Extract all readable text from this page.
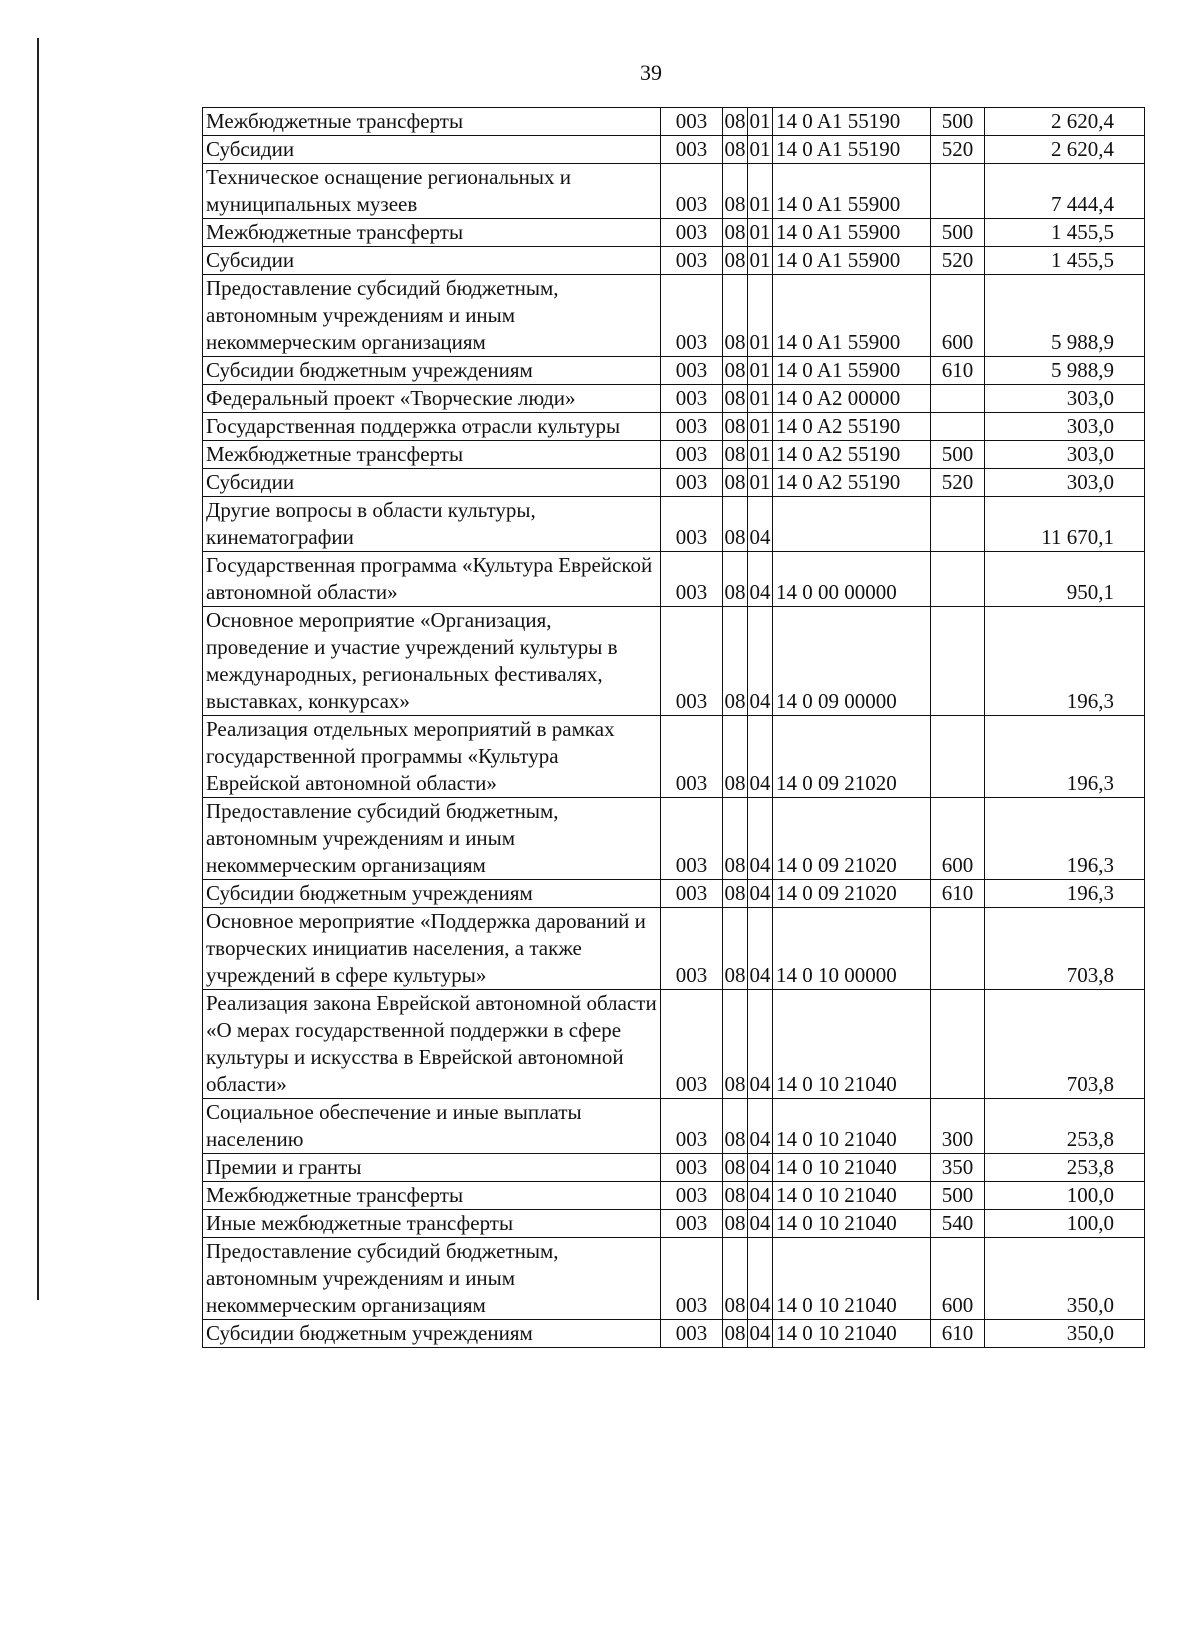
39
Межбюджетные трансферты	003	08	01	14 0 A1 55190	500	2 620,4
Субсидии	003	08	01	14 0 A1 55190	520	2 620,4
Техническое оснащение региональных и муниципальных музеев	003	08	01	14 0 A1 55900		7 444,4
Межбюджетные трансферты	003	08	01	14 0 A1 55900	500	1 455,5
Субсидии	003	08	01	14 0 A1 55900	520	1 455,5
Предоставление субсидий бюджетным, автономным учреждениям и иным некоммерческим организациям	003	08	01	14 0 A1 55900	600	5 988,9
Субсидии бюджетным учреждениям	003	08	01	14 0 A1 55900	610	5 988,9
Федеральный проект «Творческие люди»	003	08	01	14 0 A2 00000		303,0
Государственная поддержка отрасли культуры	003	08	01	14 0 A2 55190		303,0
Межбюджетные трансферты	003	08	01	14 0 A2 55190	500	303,0
Субсидии	003	08	01	14 0 A2 55190	520	303,0
Другие вопросы в области культуры, кинематографии	003	08	04			11 670,1
Государственная программа «Культура Еврейской автономной области»	003	08	04	14 0 00 00000		950,1
Основное мероприятие «Организация, проведение и участие учреждений культуры в международных, региональных фестивалях, выставках, конкурсах»	003	08	04	14 0 09 00000		196,3
Реализация отдельных мероприятий в рамках государственной программы «Культура Еврейской автономной области»	003	08	04	14 0 09 21020		196,3
Предоставление субсидий бюджетным, автономным учреждениям и иным некоммерческим организациям	003	08	04	14 0 09 21020	600	196,3
Субсидии бюджетным учреждениям	003	08	04	14 0 09 21020	610	196,3
Основное мероприятие «Поддержка дарований и творческих инициатив населения, а также учреждений в сфере культуры»	003	08	04	14 0 10 00000		703,8
Реализация закона Еврейской автономной области «О мерах государственной поддержки в сфере культуры и искусства в Еврейской автономной области»	003	08	04	14 0 10 21040		703,8
Социальное обеспечение и иные выплаты населению	003	08	04	14 0 10 21040	300	253,8
Премии и гранты	003	08	04	14 0 10 21040	350	253,8
Межбюджетные трансферты	003	08	04	14 0 10 21040	500	100,0
Иные межбюджетные трансферты	003	08	04	14 0 10 21040	540	100,0
Предоставление субсидий бюджетным, автономным учреждениям и иным некоммерческим организациям	003	08	04	14 0 10 21040	600	350,0
Субсидии бюджетным учреждениям	003	08	04	14 0 10 21040	610	350,0
